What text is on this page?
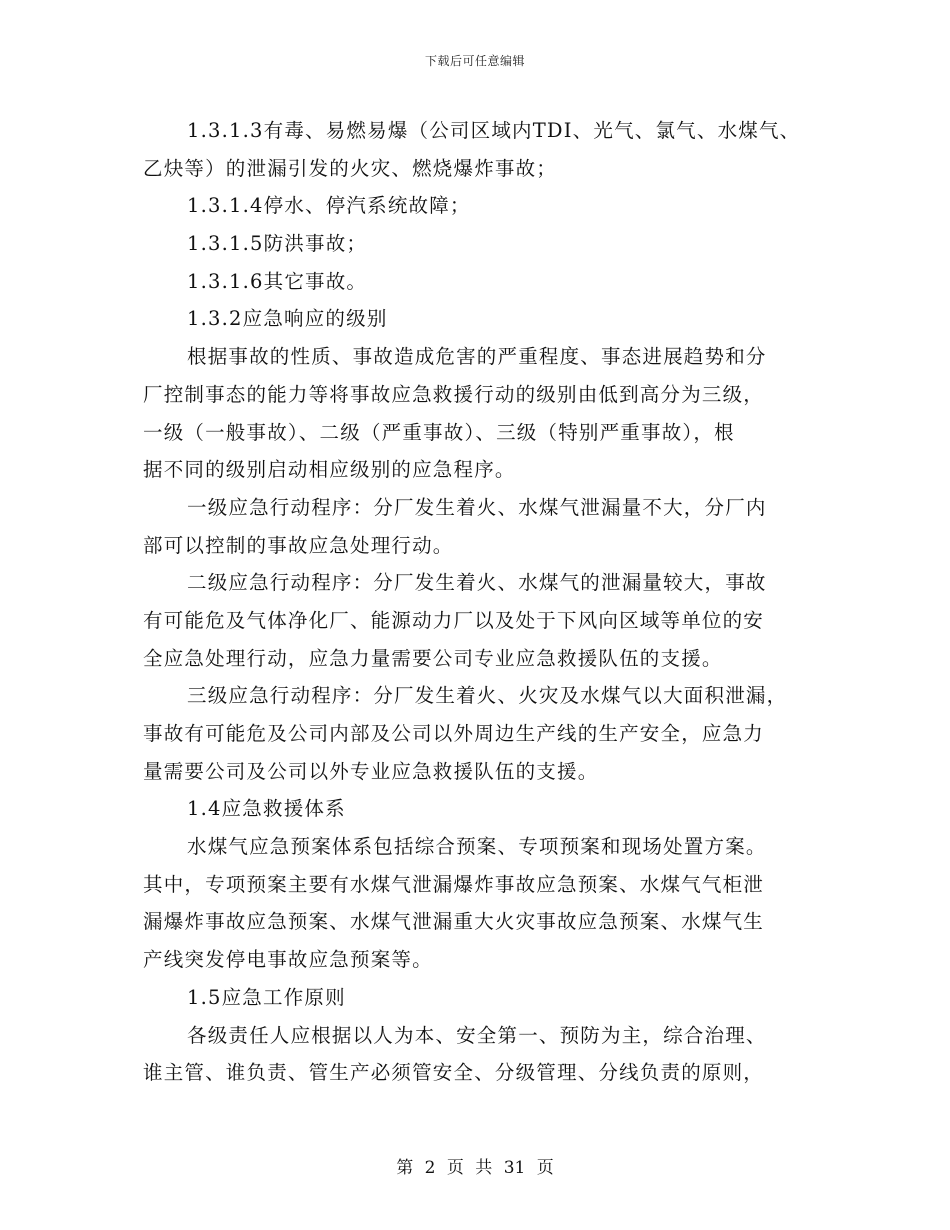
下载后可任意编辑
1.3.1.3有毒、易燃易爆（公司区域内TDI、光气、氯气、水煤气、
乙炔等）的泄漏引发的火灾、燃烧爆炸事故；
1.3.1.4停水、停汽系统故障；
1.3.1.5防洪事故；
1.3.1.6其它事故。
1.3.2应急响应的级别
根据事故的性质、事故造成危害的严重程度、事态进展趋势和分
厂控制事态的能力等将事故应急救援行动的级别由低到高分为三级，
一级（一般事故）、二级（严重事故）、三级（特别严重事故），根
据不同的级别启动相应级别的应急程序。
一级应急行动程序：分厂发生着火、水煤气泄漏量不大，分厂内
部可以控制的事故应急处理行动。
二级应急行动程序：分厂发生着火、水煤气的泄漏量较大，事故
有可能危及气体净化厂、能源动力厂以及处于下风向区域等单位的安
全应急处理行动，应急力量需要公司专业应急救援队伍的支援。
三级应急行动程序：分厂发生着火、火灾及水煤气以大面积泄漏，
事故有可能危及公司内部及公司以外周边生产线的生产安全，应急力
量需要公司及公司以外专业应急救援队伍的支援。
1.4应急救援体系
水煤气应急预案体系包括综合预案、专项预案和现场处置方案。
其中，专项预案主要有水煤气泄漏爆炸事故应急预案、水煤气气柜泄
漏爆炸事故应急预案、水煤气泄漏重大火灾事故应急预案、水煤气生
产线突发停电事故应急预案等。
1.5应急工作原则
各级责任人应根据以人为本、安全第一、预防为主，综合治理、
谁主管、谁负责、管生产必须管安全、分级管理、分线负责的原则，
第 2 页 共 31 页
